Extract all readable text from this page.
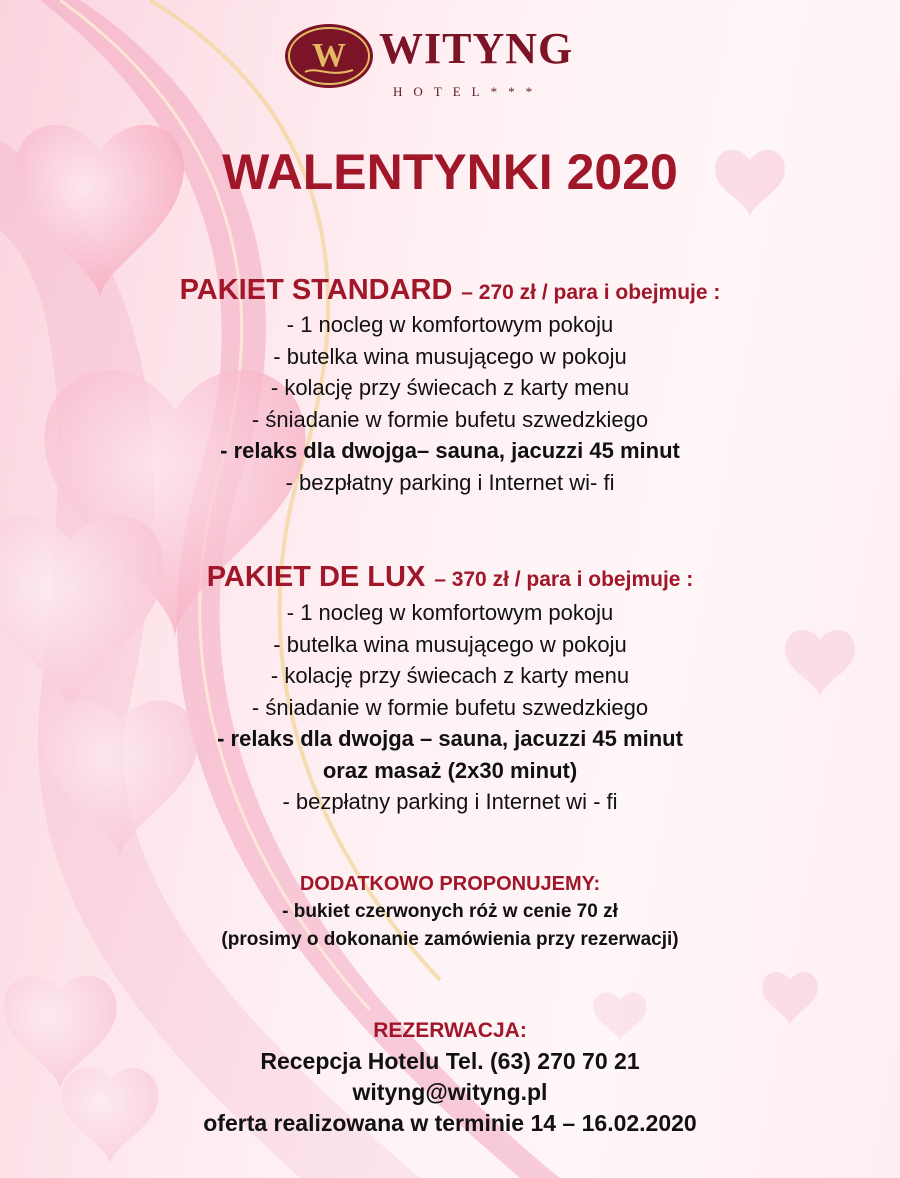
W WITYNG
HOTEL***
WALENTYNKI 2020
PAKIET STANDARD – 270 zł / para i obejmuje :
- 1 nocleg w komfortowym pokoju
- butelka wina musującego w pokoju
- kolację przy świecach z karty menu
- śniadanie w formie bufetu szwedzkiego
- relaks dla dwojga– sauna, jacuzzi 45 minut
- bezpłatny parking i Internet wi- fi
PAKIET DE LUX – 370 zł / para i obejmuje :
- 1 nocleg w komfortowym pokoju
- butelka wina musującego w pokoju
- kolację przy świecach z karty menu
- śniadanie w formie bufetu szwedzkiego
- relaks dla dwojga – sauna, jacuzzi 45 minut
oraz masaż (2x30 minut)
- bezpłatny parking i Internet wi - fi
DODATKOWO PROPONUJEMY:
- bukiet czerwonych róż w cenie 70 zł
(prosimy o dokonanie zamówienia przy rezerwacji)
REZERWACJA:
Recepcja Hotelu Tel. (63) 270 70 21
wityng@wityng.pl
oferta realizowana w terminie 14 – 16.02.2020
